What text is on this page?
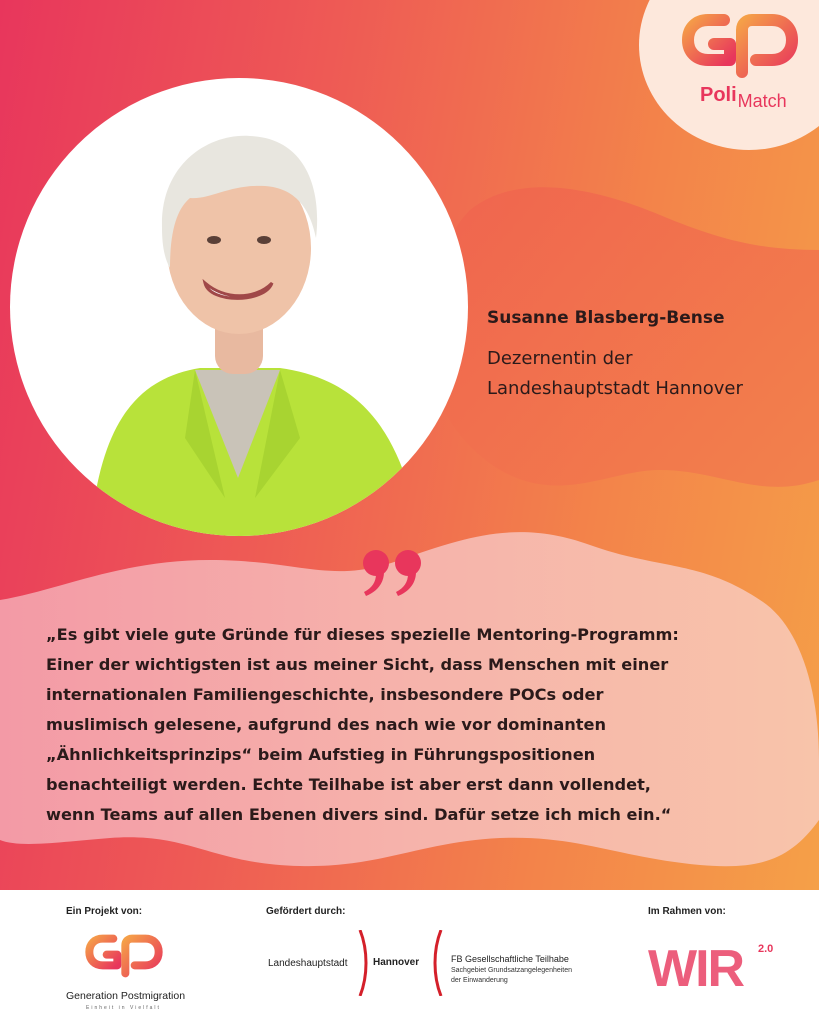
PoliMatch
Susanne Blasberg-Bense
Dezernentin der
Landeshauptstadt Hannover
„Es gibt viele gute Gründe für dieses spezielle Mentoring-Programm:
Einer der wichtigsten ist aus meiner Sicht, dass Menschen mit einer
internationalen Familiengeschichte, insbesondere POCs oder
muslimisch gelesene, aufgrund des nach wie vor dominanten
„Ähnlichkeitsprinzips“ beim Aufstieg in Führungspositionen
benachteiligt werden. Echte Teilhabe ist aber erst dann vollendet,
wenn Teams auf allen Ebenen divers sind. Dafür setze ich mich ein.“
Ein Projekt von:	Gefördert durch:	Im Rahmen von:
Generation Postmigration
Einheit in Vielfalt
Landeshauptstadt	Hannover	FB Gesellschaftliche Teilhabe
Sachgebiet Grundsatzangelegenheiten
der Einwanderung	WIR 2.0
